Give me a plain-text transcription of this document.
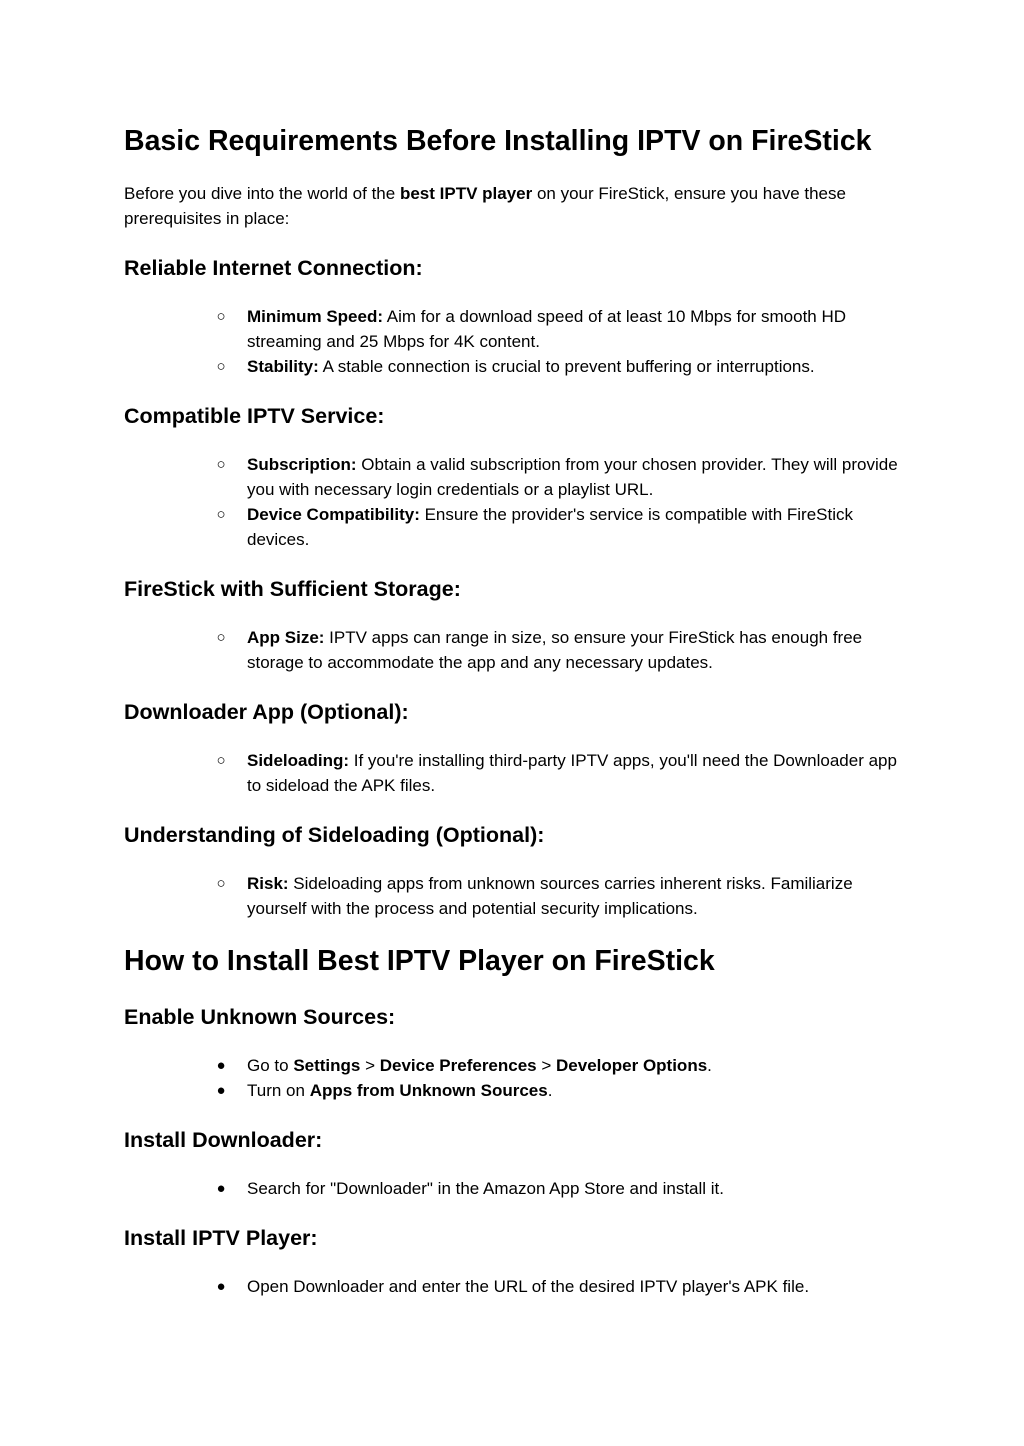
Basic Requirements Before Installing IPTV on FireStick

Before you dive into the world of the best IPTV player on your FireStick, ensure you have these prerequisites in place:

Reliable Internet Connection:
○ Minimum Speed: Aim for a download speed of at least 10 Mbps for smooth HD streaming and 25 Mbps for 4K content.
○ Stability: A stable connection is crucial to prevent buffering or interruptions.
Compatible IPTV Service:
○ Subscription: Obtain a valid subscription from your chosen provider. They will provide you with necessary login credentials or a playlist URL.
○ Device Compatibility: Ensure the provider's service is compatible with FireStick devices.
FireStick with Sufficient Storage:
○ App Size: IPTV apps can range in size, so ensure your FireStick has enough free storage to accommodate the app and any necessary updates.
Downloader App (Optional):
○ Sideloading: If you're installing third-party IPTV apps, you'll need the Downloader app to sideload the APK files.
Understanding of Sideloading (Optional):
○ Risk: Sideloading apps from unknown sources carries inherent risks. Familiarize yourself with the process and potential security implications.
How to Install Best IPTV Player on FireStick
Enable Unknown Sources:
● Go to Settings > Device Preferences > Developer Options.
● Turn on Apps from Unknown Sources.
Install Downloader:
● Search for "Downloader" in the Amazon App Store and install it.
Install IPTV Player:
● Open Downloader and enter the URL of the desired IPTV player's APK file.
